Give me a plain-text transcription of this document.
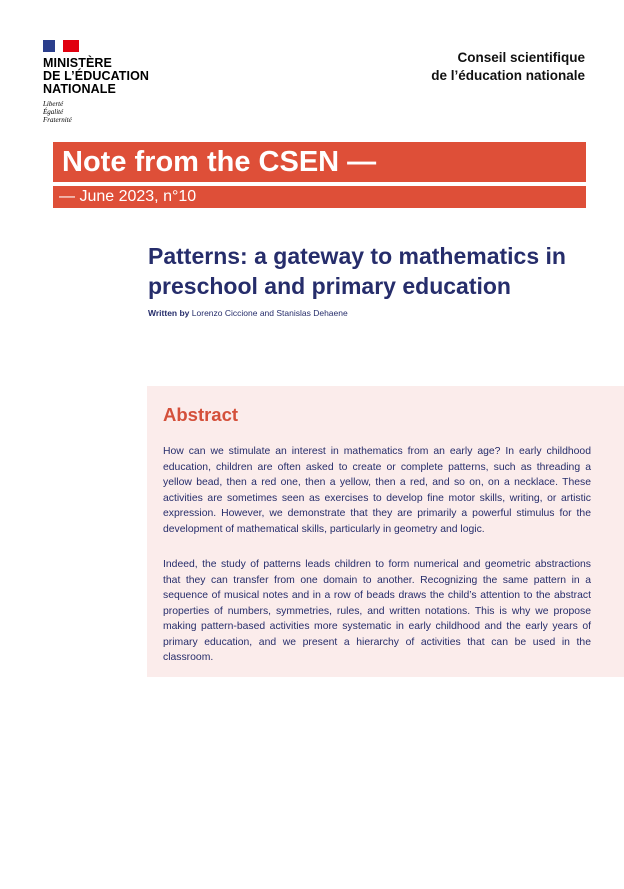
MINISTÈRE
DE L’ÉDUCATION
NATIONALE
Liberté
Égalité
Fraternité
Conseil scientifique
de l’éducation nationale
Note from the CSEN —
— June 2023, n°10
Patterns: a gateway to mathematics in preschool and primary education
Written by Lorenzo Ciccione and Stanislas Dehaene
Abstract

How can we stimulate an interest in mathematics from an early age? In early childhood education, children are often asked to create or complete patterns, such as threading a yellow bead, then a red one, then a yellow, then a red, and so on, on a necklace. These activities are sometimes seen as exercises to develop fine motor skills, writing, or artistic expression. However, we demonstrate that they are primarily a powerful stimulus for the development of mathematical skills, particularly in geometry and logic.

Indeed, the study of patterns leads children to form numerical and geometric abstractions that they can transfer from one domain to another. Recognizing the same pattern in a sequence of musical notes and in a row of beads draws the child’s attention to the abstract properties of numbers, symmetries, rules, and written notations. This is why we propose making pattern-based activities more systematic in early childhood and the early years of primary education, and we present a hierarchy of activities that can be used in the classroom.
